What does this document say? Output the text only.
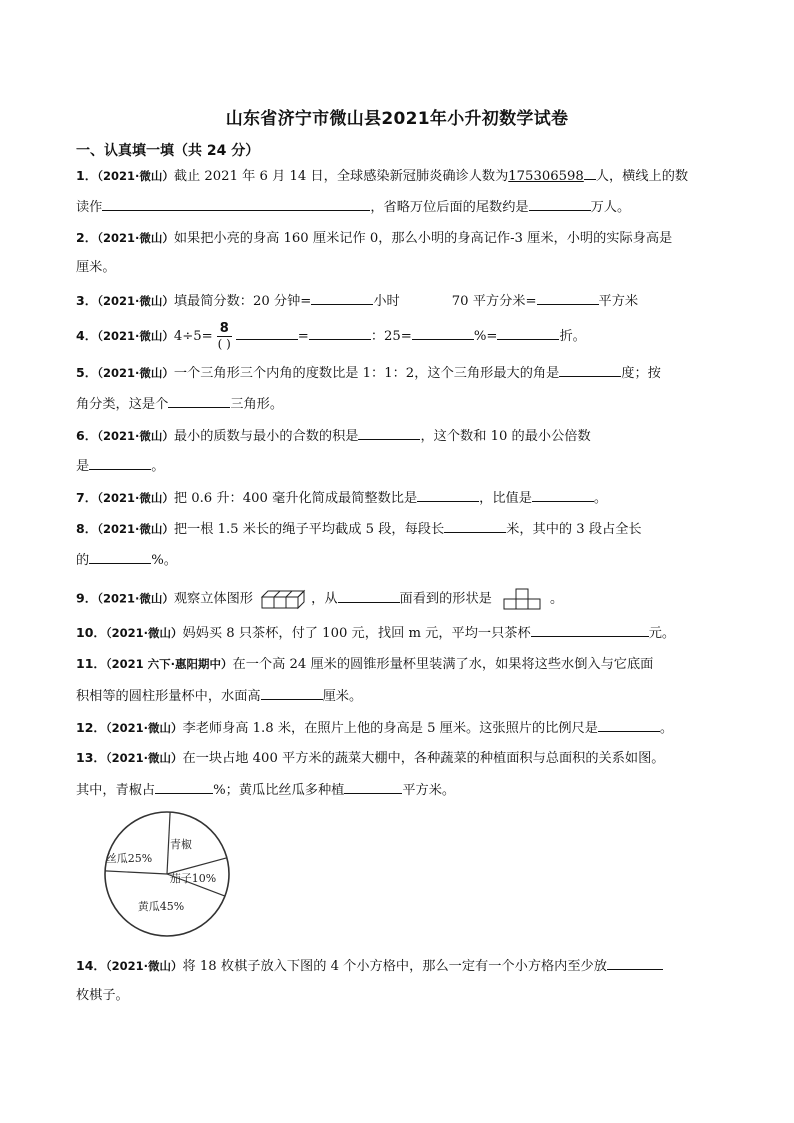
山东省济宁市微山县2021年小升初数学试卷
一、认真填一填（共 24 分）
1．（2021·微山）截止 2021 年 6 月 14 日，全球感染新冠肺炎确诊人数为175306598 人，横线上的数
读作	，省略万位后面的尾数约是	万人。
2．（2021·微山）如果把小亮的身高 160 厘米记作 0，那么小明的身高记作-3 厘米，小明的实际身高是
厘米。
3．（2021·微山）填最简分数：20 分钟=	小时	70 平方分米=	平方米
4．（2021·微山）$4\div 5= \frac{8}{( )}$	=	：25=	%=	折。
5．（2021·微山）一个三角形三个内角的度数比是 1：1：2，这个三角形最大的角是	度；按
角分类，这是个	三角形。
6．（2021·微山）最小的质数与最小的合数的积是	，这个数和 10 的最小公倍数
是	。
7．（2021·微山）把 0.6 升：400 毫升化简成最简整数比是	，比值是	。
8．（2021·微山）把一根 1.5 米长的绳子平均截成 5 段，每段长	米，其中的 3 段占全长
的	%。
9．（2021·微山）观察立体图形	，从	面看到的形状是	。
10．（2021·微山）妈妈买 8 只茶杯，付了 100 元，找回 m 元，平均一只茶杯	元。
11．（2021 六下·惠阳期中）在一个高 24 厘米的圆锥形量杯里装满了水，如果将这些水倒入与它底面
积相等的圆柱形量杯中，水面高	厘米。
12．（2021·微山）李老师身高 1.8 米，在照片上他的身高是 5 厘米。这张照片的比例尺是	。
13．（2021·微山）在一块占地 400 平方米的蔬菜大棚中，各种蔬菜的种植面积与总面积的关系如图。
其中，青椒占	%；黄瓜比丝瓜多种植	平方米。
青椒
丝瓜25%
茄子10%
黄瓜45%
14．（2021·微山）将 18 枚棋子放入下图的 4 个小方格中，那么一定有一个小方格内至少放
枚棋子。
